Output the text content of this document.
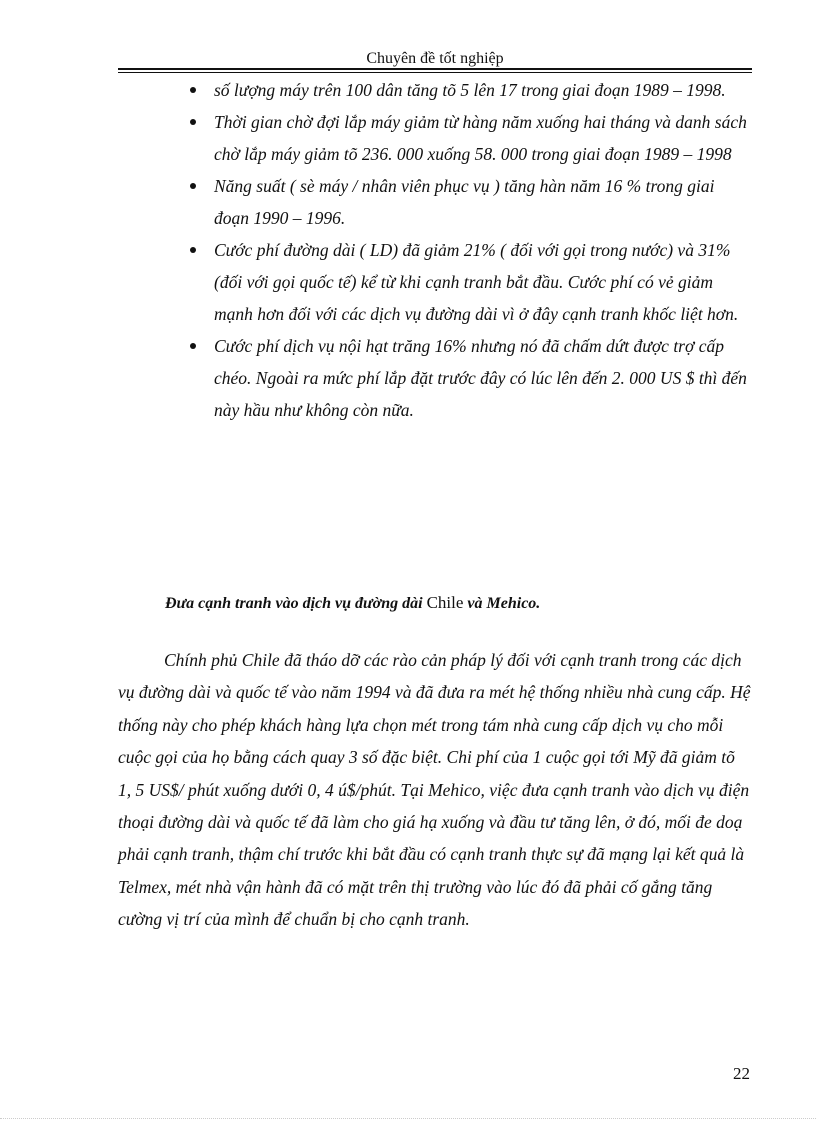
Chuyên đề tốt nghiệp
số lượng máy trên 100 dân tăng tõ 5 lên 17 trong giai đoạn 1989 – 1998.
Thời gian chờ đợi lắp máy giảm từ hàng năm xuống hai tháng và danh sách chờ lắp máy giảm tõ 236. 000 xuống 58. 000 trong giai đoạn 1989 – 1998
Năng suất ( sè máy / nhân viên phục vụ ) tăng hàn năm 16 % trong giai đoạn 1990 – 1996.
Cước phí đường dài ( LD) đã giảm 21% ( đối với gọi trong nước) và 31% (đối với gọi quốc tế) kể từ khi cạnh tranh bắt đầu. Cước phí có vẻ giảm mạnh hơn đối với các dịch vụ đường dài vì ở đây cạnh tranh khốc liệt hơn.
Cước phí dịch vụ nội hạt trăng 16% nhưng nó đã chấm dứt được trợ cấp chéo. Ngoài ra mức phí lắp đặt trước đây có lúc lên đến 2. 000 US $ thì đến này hầu như không còn nữa.
Đưa cạnh tranh vào dịch vụ đường dài Chile và Mehico.

Chính phủ Chile đã tháo dỡ các rào cản pháp lý đối với cạnh tranh trong các dịch vụ đường dài và quốc tế vào năm 1994 và đã đưa ra mét hệ thống nhiều nhà cung cấp. Hệ thống này cho phép khách hàng lựa chọn mét trong tám nhà cung cấp dịch vụ cho mỗi cuộc gọi của họ bằng cách quay 3 số đặc biệt. Chi phí của 1 cuộc gọi tới Mỹ đã giảm tõ 1, 5 US$/ phút xuống dưới 0, 4 ú$/phút. Tại Mehico, việc đưa cạnh tranh vào dịch vụ điện thoại đường dài và quốc tế đã làm cho giá hạ xuống và đầu tư tăng lên, ở đó, mối đe doạ phải cạnh tranh, thậm chí trước khi bắt đầu có cạnh tranh thực sự đã mạng lại kết quả là Telmex, mét nhà vận hành đã có mặt trên thị trường vào lúc đó đã phải cố gắng tăng cường vị trí của mình để chuẩn bị cho cạnh tranh.

22
